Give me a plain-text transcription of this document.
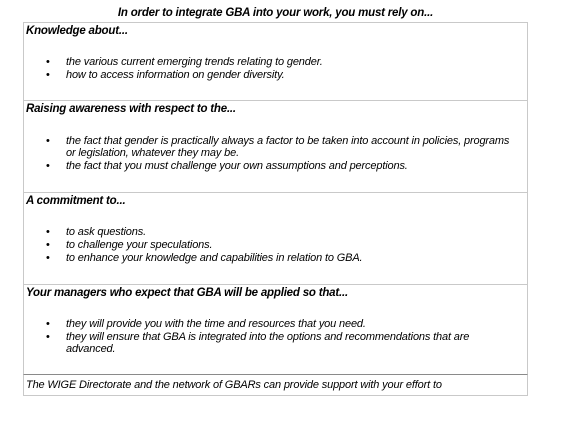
In order to integrate GBA into your work, you must rely on...
Knowledge about...
• the various current emerging trends relating to gender.
• how to access information on gender diversity.
Raising awareness with respect to the...
• the fact that gender is practically always a factor to be taken into account in policies, programs or legislation, whatever they may be.
• the fact that you must challenge your own assumptions and perceptions.
A commitment to...
• to ask questions.
• to challenge your speculations.
• to enhance your knowledge and capabilities in relation to GBA.
Your managers who expect that GBA will be applied so that...
• they will provide you with the time and resources that you need.
• they will ensure that GBA is integrated into the options and recommendations that are advanced.
The WIGE Directorate and the network of GBARs can provide support with your effort to
